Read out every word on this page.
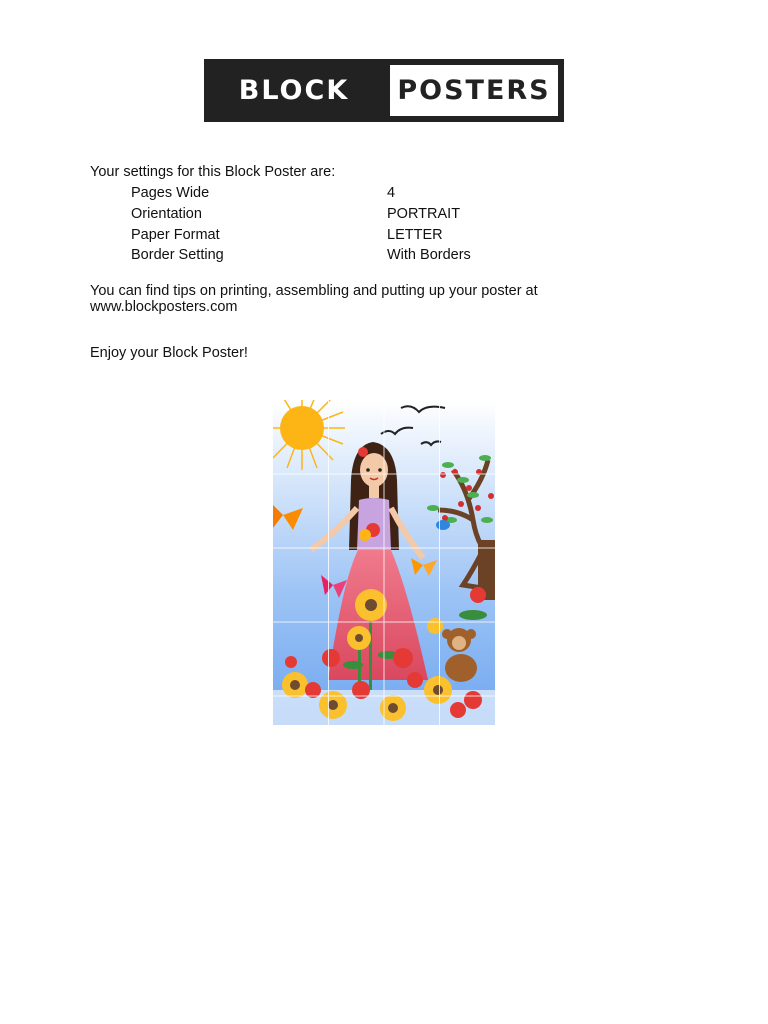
BLOCK	POSTERS
Your settings for this Block Poster are:
Pages Wide	4
Orientation	PORTRAIT
Paper Format	LETTER
Border Setting	With Borders
You can find tips on printing, assembling and putting up your poster at
www.blockposters.com
Enjoy your Block Poster!
